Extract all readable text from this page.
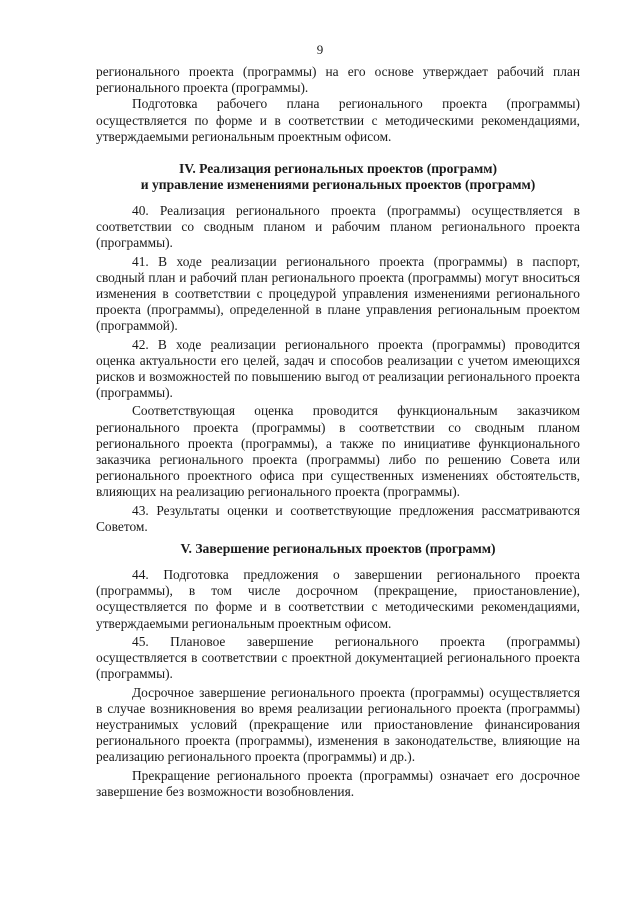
9

регионального проекта (программы) на его основе утверждает рабочий план регионального проекта (программы).

Подготовка рабочего плана регионального проекта (программы) осуществляется по форме и в соответствии с методическими рекомендациями, утверждаемыми региональным проектным офисом.

IV. Реализация региональных проектов (программ)
и управление изменениями региональных проектов (программ)

40. Реализация регионального проекта (программы) осуществляется в соответствии со сводным планом и рабочим планом регионального проекта (программы).

41. В ходе реализации регионального проекта (программы) в паспорт, сводный план и рабочий план регионального проекта (программы) могут вноситься изменения в соответствии с процедурой управления изменениями регионального проекта (программы), определенной в плане управления региональным проектом (программой).

42. В ходе реализации регионального проекта (программы) проводится оценка актуальности его целей, задач и способов реализации с учетом имеющихся рисков и возможностей по повышению выгод от реализации регионального проекта (программы).

Соответствующая оценка проводится функциональным заказчиком регионального проекта (программы) в соответствии со сводным планом регионального проекта (программы), а также по инициативе функционального заказчика регионального проекта (программы) либо по решению Совета или регионального проектного офиса при существенных изменениях обстоятельств, влияющих на реализацию регионального проекта (программы).

43. Результаты оценки и соответствующие предложения рассматриваются Советом.

V. Завершение региональных проектов (программ)

44. Подготовка предложения о завершении регионального проекта (программы), в том числе досрочном (прекращение, приостановление), осуществляется по форме и в соответствии с методическими рекомендациями, утверждаемыми региональным проектным офисом.

45. Плановое завершение регионального проекта (программы) осуществляется в соответствии с проектной документацией регионального проекта (программы).

Досрочное завершение регионального проекта (программы) осуществляется в случае возникновения во время реализации регионального проекта (программы) неустранимых условий (прекращение или приостановление финансирования регионального проекта (программы), изменения в законодательстве, влияющие на реализацию регионального проекта (программы) и др.).

Прекращение регионального проекта (программы) означает его досрочное завершение без возможности возобновления.
